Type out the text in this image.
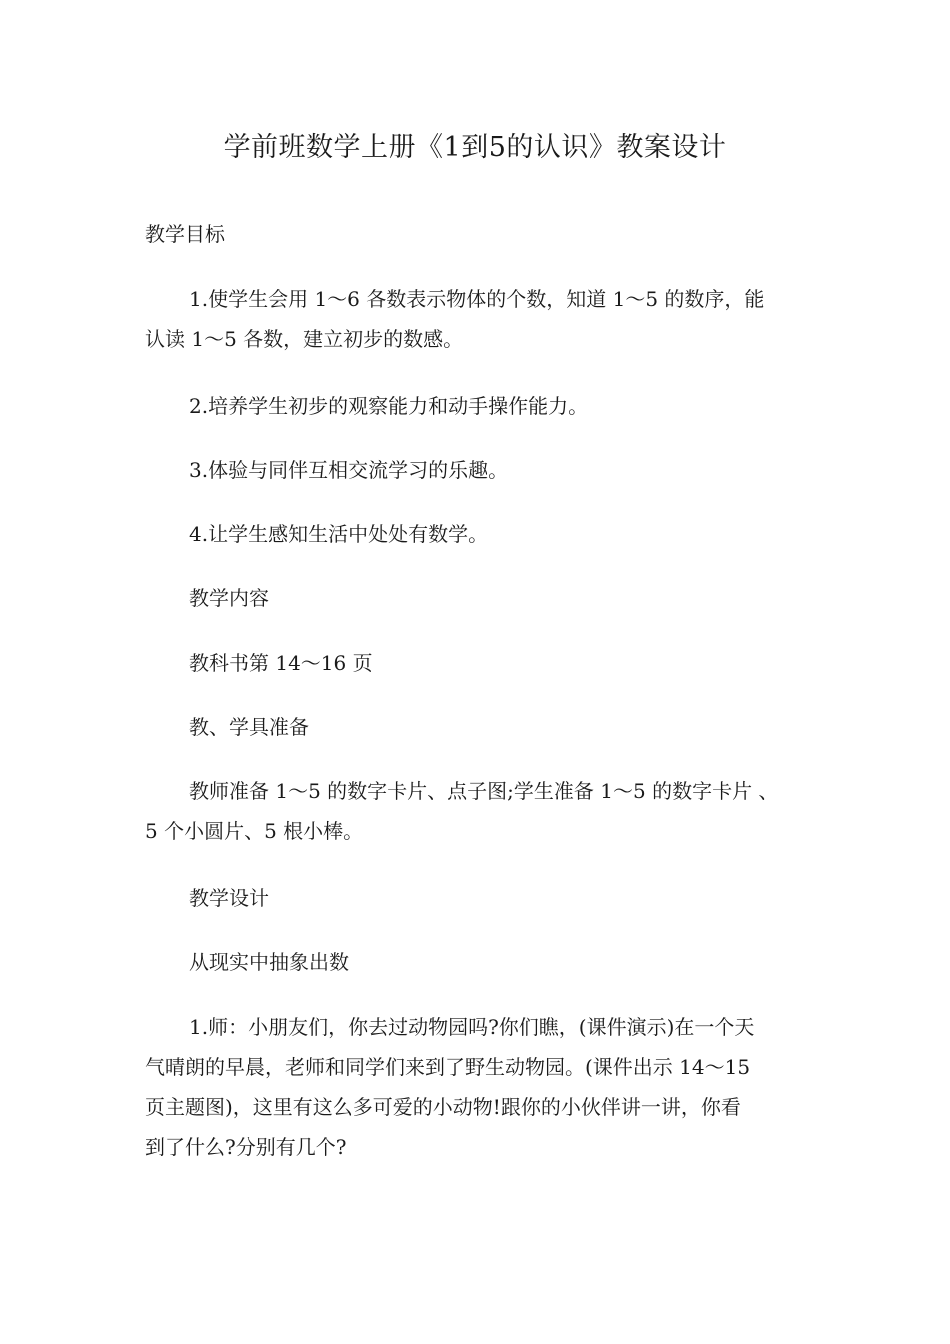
学前班数学上册《1到5的认识》教案设计

教学目标

1.使学生会用 1～6 各数表示物体的个数，知道 1～5 的数序，能
认读 1～5 各数，建立初步的数感。

2.培养学生初步的观察能力和动手操作能力。

3.体验与同伴互相交流学习的乐趣。

4.让学生感知生活中处处有数学。

教学内容

教科书第 14～16 页

教、学具准备

教师准备 1～5 的数字卡片、点子图;学生准备 1～5 的数字卡片 、
5 个小圆片、5 根小棒。

教学设计

从现实中抽象出数

1.师：小朋友们，你去过动物园吗?你们瞧，(课件演示)在一个天
气晴朗的早晨，老师和同学们来到了野生动物园。(课件出示 14～15
页主题图)，这里有这么多可爱的小动物!跟你的小伙伴讲一讲，你看
到了什么?分别有几个?
